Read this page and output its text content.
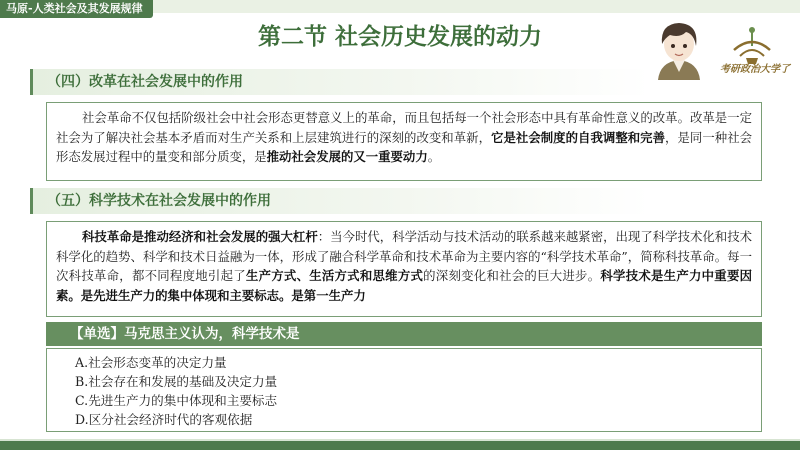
马原-人类社会及其发展规律
第二节 社会历史发展的动力
考研政治大学了
（四）改革在社会发展中的作用
社会革命不仅包括阶级社会中社会形态更替意义上的革命，而且包括每一个社会形态中具有革命性意义的改革。改革是一定社会为了解决社会基本矛盾而对生产关系和上层建筑进行的深刻的改变和革新，它是社会制度的自我调整和完善，是同一种社会形态发展过程中的量变和部分质变，是推动社会发展的又一重要动力。
（五）科学技术在社会发展中的作用
科技革命是推动经济和社会发展的强大杠杆：当今时代，科学活动与技术活动的联系越来越紧密，出现了科学技术化和技术科学化的趋势、科学和技术日益融为一体，形成了融合科学革命和技术革命为主要内容的“科学技术革命”，简称科技革命。每一次科技革命，都不同程度地引起了生产方式、生活方式和思维方式的深刻变化和社会的巨大进步。科学技术是生产力中重要因素。是先进生产力的集中体现和主要标志。是第一生产力
【单选】马克思主义认为，科学技术是
A.社会形态变革的决定力量
B.社会存在和发展的基础及决定力量
C.先进生产力的集中体现和主要标志
D.区分社会经济时代的客观依据
